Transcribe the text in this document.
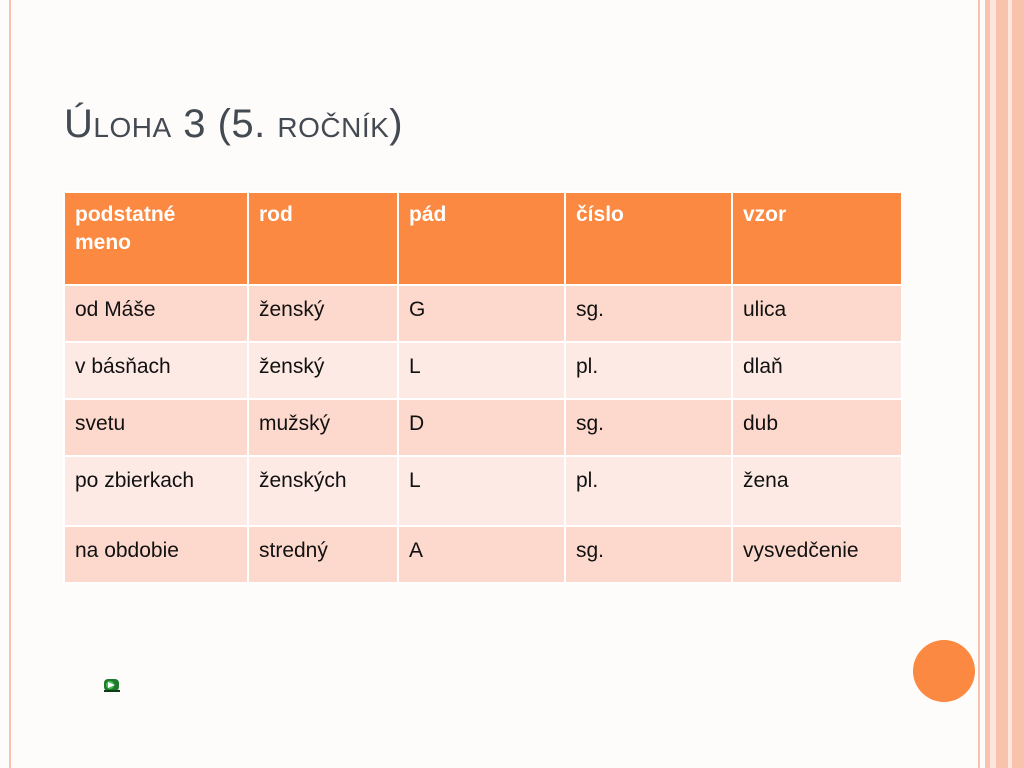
Úloha 3 (5. ročník)
podstatné meno	rod	pád	číslo	vzor
od Máše	ženský	G	sg.	ulica
v básňach	ženský	L	pl.	dlaň
svetu	mužský	D	sg.	dub
po zbierkach	ženských	L	pl.	žena
na obdobie	stredný	A	sg.	vysvedčenie
